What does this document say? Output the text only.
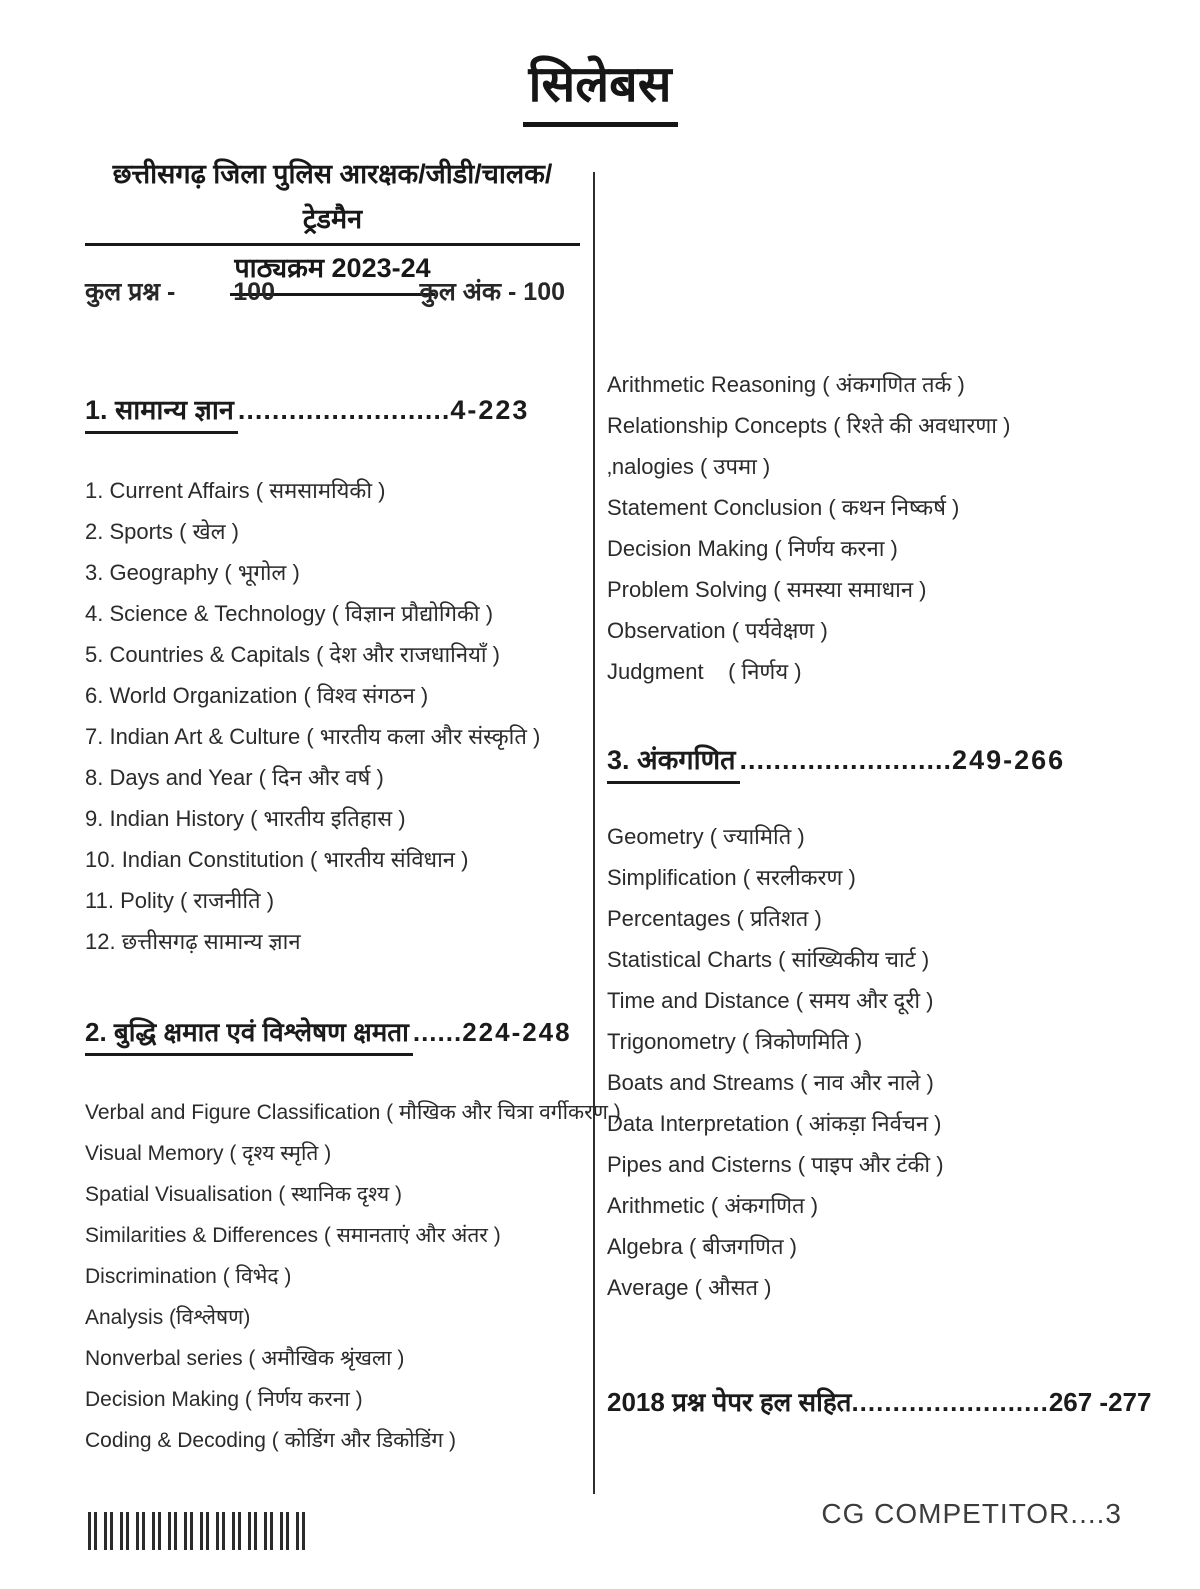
सिलेबस
छत्तीसगढ़ जिला पुलिस आरक्षक/जीडी/चालक/ट्रेडमैन
पाठ्यक्रम 2023-24
कुल प्रश्न - 100	कुल अंक - 100
1. सामान्य ज्ञान .........................4-223
1. Current Affairs ( समसामयिकी )
2. Sports ( खेल )
3. Geography ( भूगोल )
4. Science & Technology ( विज्ञान प्रौद्योगिकी )
5. Countries & Capitals ( देश और राजधानियाँ )
6. World Organization ( विश्व संगठन )
7. Indian Art & Culture ( भारतीय कला और संस्कृति )
8. Days and Year ( दिन और वर्ष )
9. Indian History ( भारतीय इतिहास )
10. Indian Constitution ( भारतीय संविधान )
11. Polity ( राजनीति )
12. छत्तीसगढ़ सामान्य ज्ञान
2. बुद्धि क्षमात एवं विश्लेषण क्षमता ......224-248
Verbal and Figure Classification ( मौखिक और चित्रा वर्गीकरण )
Visual Memory ( दृश्य स्मृति )
Spatial Visualisation ( स्थानिक दृश्य )
Similarities & Differences ( समानताएं और अंतर )
Discrimination ( विभेद )
Analysis (विश्लेषण)
Nonverbal series ( अमौखिक श्रृंखला )
Decision Making ( निर्णय करना )
Coding & Decoding ( कोडिंग और डिकोडिंग )
Arithmetic Reasoning ( अंकगणित तर्क )
Relationship Concepts ( रिश्ते की अवधारणा )
‚nalogies ( उपमा )
Statement Conclusion ( कथन निष्कर्ष )
Decision Making ( निर्णय करना )
Problem Solving ( समस्या समाधान )
Observation ( पर्यवेक्षण )
Judgment    ( निर्णय )
3. अंकगणित .........................249-266
Geometry ( ज्यामिति )
Simplification ( सरलीकरण )
Percentages ( प्रतिशत )
Statistical Charts ( सांख्यिकीय चार्ट )
Time and Distance ( समय और दूरी )
Trigonometry ( त्रिकोणमिति )
Boats and Streams ( नाव और नाले )
Data Interpretation ( आंकड़ा निर्वचन )
Pipes and Cisterns ( पाइप और टंकी )
Arithmetic ( अंकगणित )
Algebra ( बीजगणित )
Average ( औसत )
2018 प्रश्न पेपर हल सहित........................267 -277
CG COMPETITOR....3
